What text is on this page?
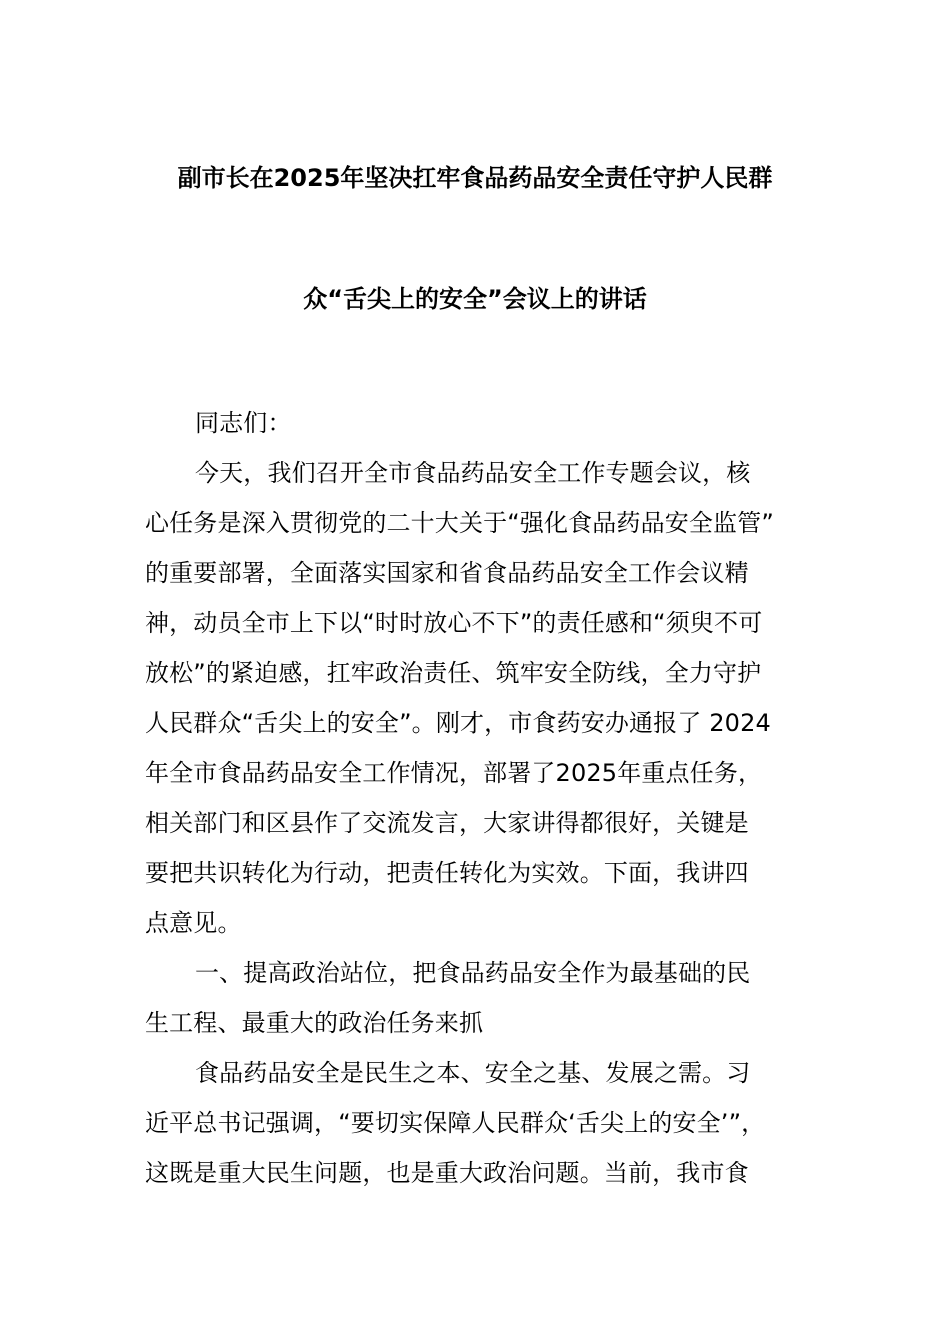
副市长在2025年坚决扛牢食品药品安全责任守护人民群
众“舌尖上的安全”会议上的讲话
同志们：
今天，我们召开全市食品药品安全工作专题会议，核
心任务是深入贯彻党的二十大关于“强化食品药品安全监管”
的重要部署，全面落实国家和省食品药品安全工作会议精
神，动员全市上下以“时时放心不下”的责任感和“须臾不可
放松”的紧迫感，扛牢政治责任、筑牢安全防线，全力守护
人民群众“舌尖上的安全”。刚才，市食药安办通报了 2024
年全市食品药品安全工作情况，部署了2025年重点任务，
相关部门和区县作了交流发言，大家讲得都很好，关键是
要把共识转化为行动，把责任转化为实效。下面，我讲四
点意见。
一、提高政治站位，把食品药品安全作为最基础的民
生工程、最重大的政治任务来抓
食品药品安全是民生之本、安全之基、发展之需。习
近平总书记强调，“要切实保障人民群众‘舌尖上的安全’”，
这既是重大民生问题，也是重大政治问题。当前，我市食
